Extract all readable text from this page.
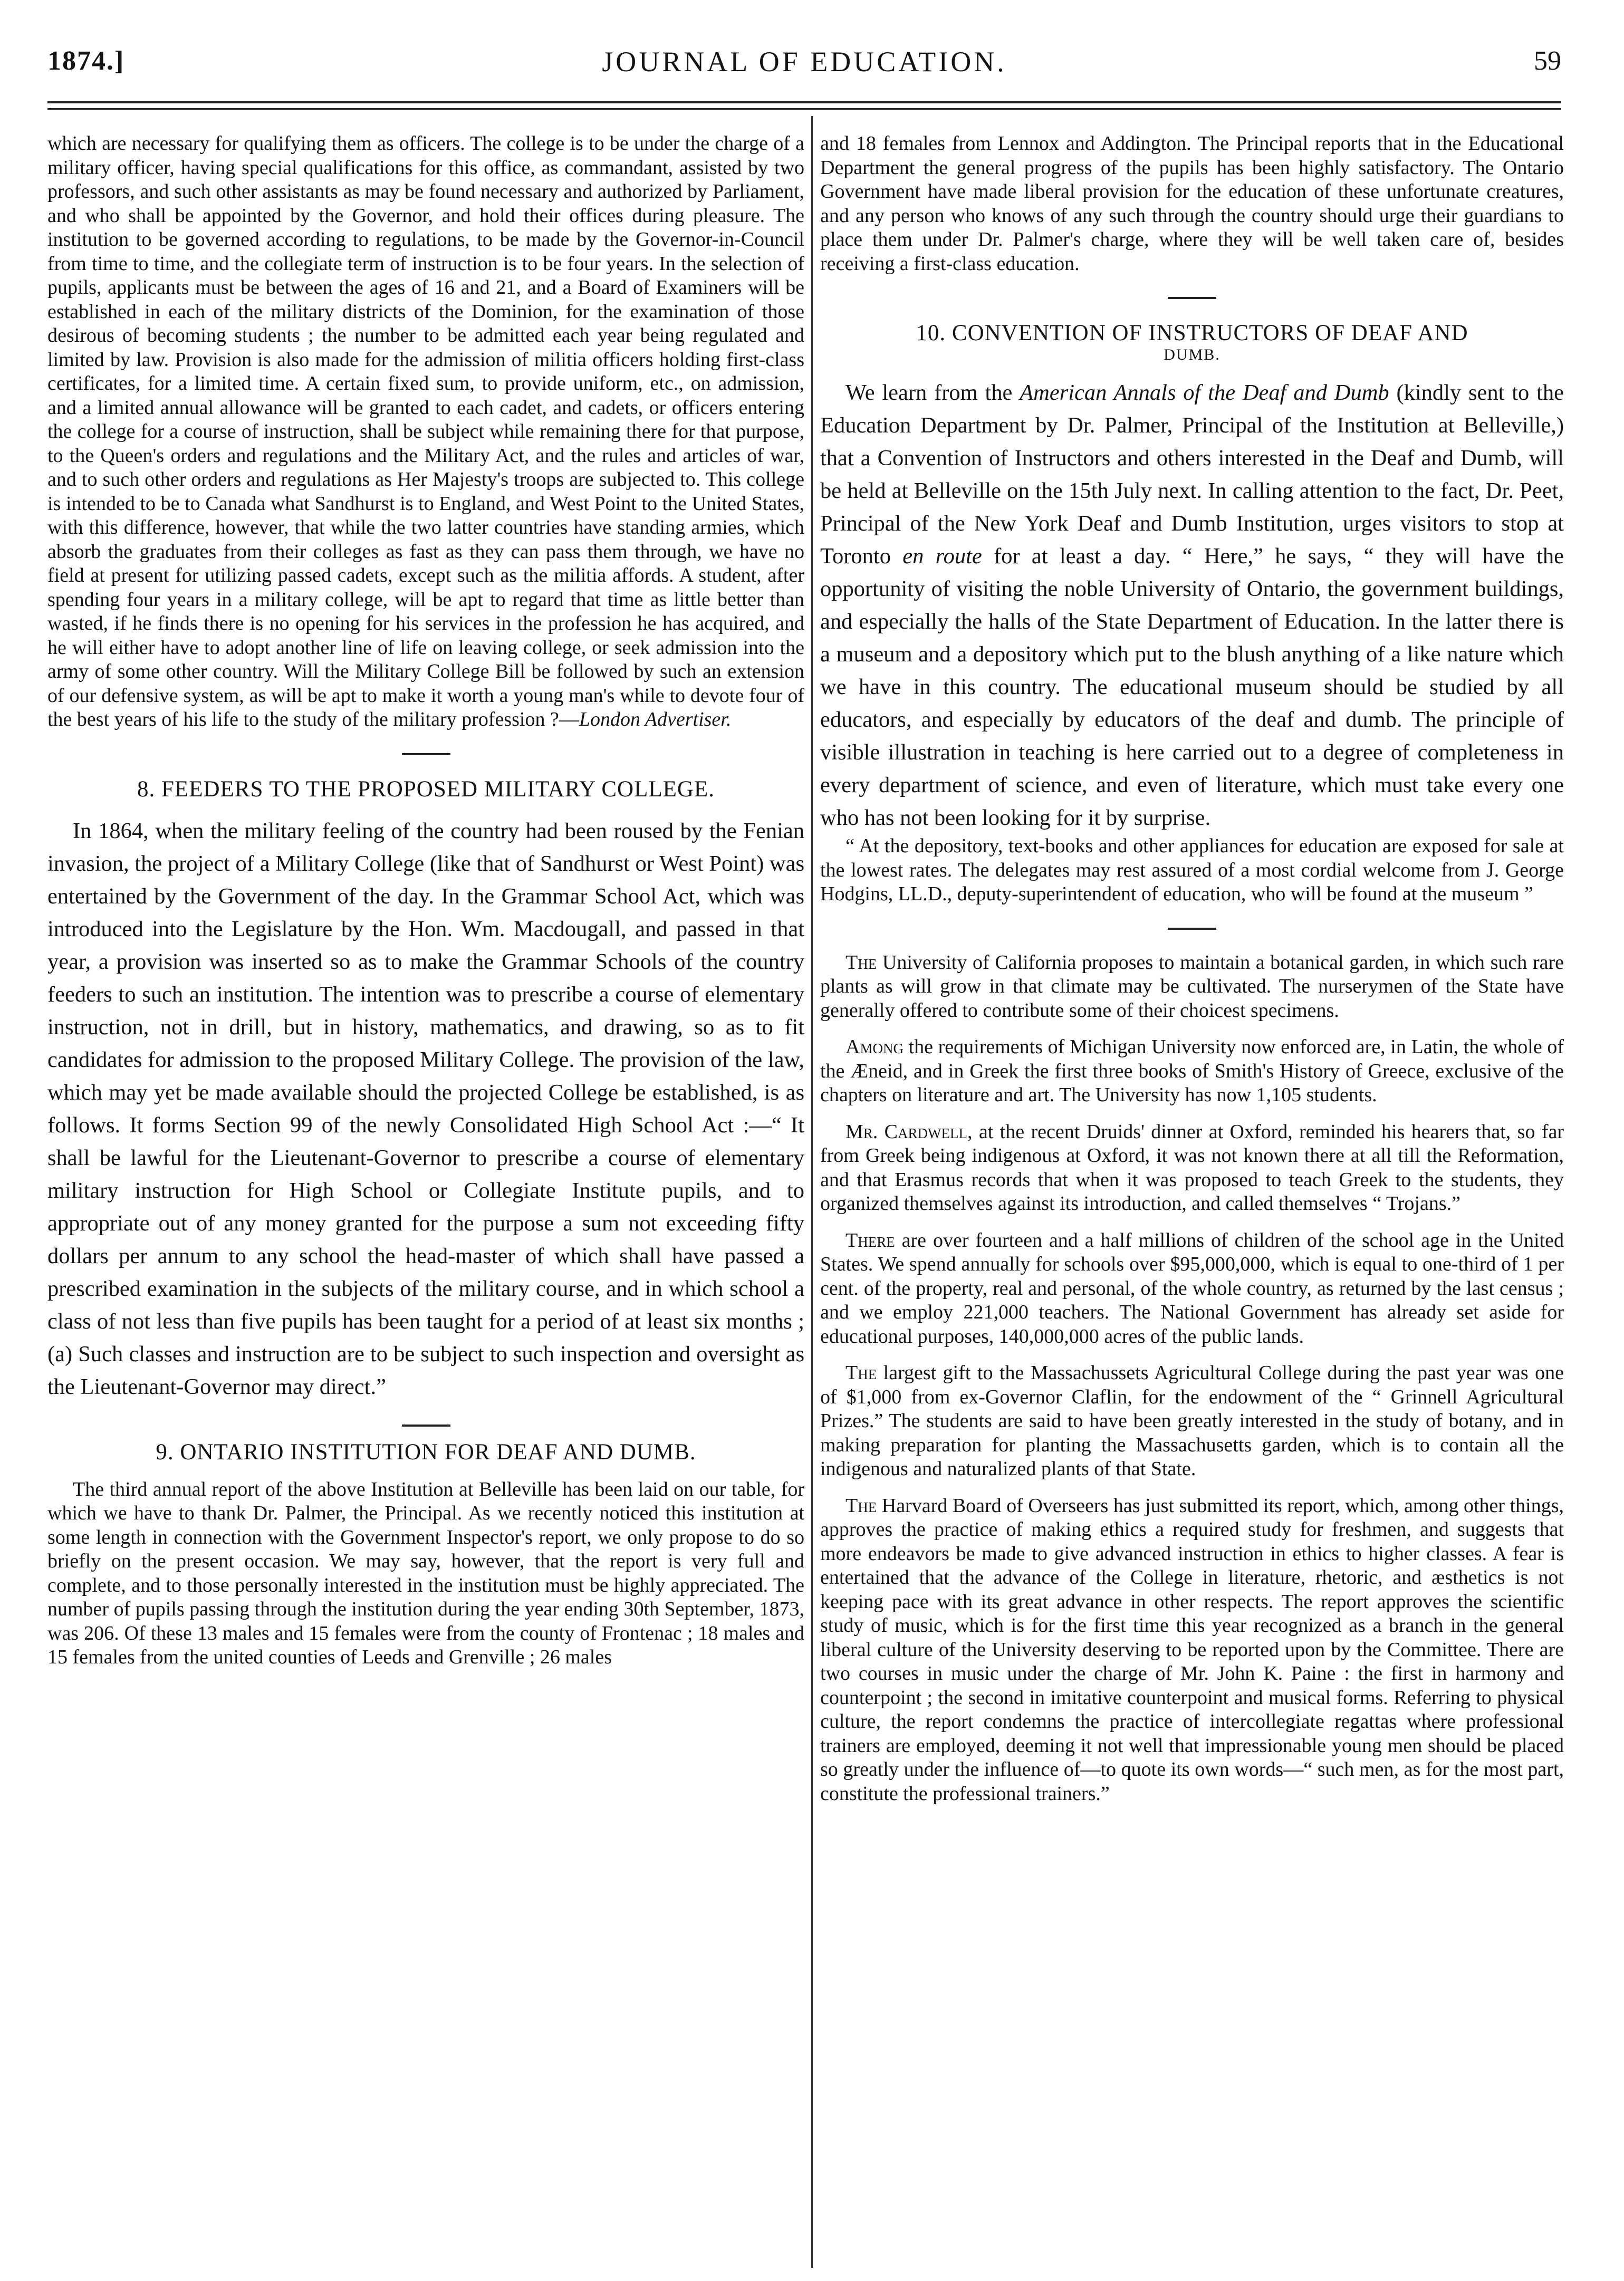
1874.]	JOURNAL OF EDUCATION.	59

which are necessary for qualifying them as officers. The college is to be under the charge of a military officer, having special qualifications for this office, as commandant, assisted by two professors, and such other assistants as may be found necessary and authorized by Parliament, and who shall be appointed by the Governor, and hold their offices during pleasure. The institution to be governed according to regulations, to be made by the Governor-in-Council from time to time, and the collegiate term of instruction is to be four years. In the selection of pupils, applicants must be between the ages of 16 and 21, and a Board of Examiners will be established in each of the military districts of the Dominion, for the examination of those desirous of becoming students ; the number to be admitted each year being regulated and limited by law. Provision is also made for the admission of militia officers holding first-class certificates, for a limited time. A certain fixed sum, to provide uniform, etc., on admission, and a limited annual allowance will be granted to each cadet, and cadets, or officers entering the college for a course of instruction, shall be subject while remaining there for that purpose, to the Queen's orders and regulations and the Military Act, and the rules and articles of war, and to such other orders and regulations as Her Majesty's troops are subjected to. This college is intended to be to Canada what Sandhurst is to England, and West Point to the United States, with this difference, however, that while the two latter countries have standing armies, which absorb the graduates from their colleges as fast as they can pass them through, we have no field at present for utilizing passed cadets, except such as the militia affords. A student, after spending four years in a military college, will be apt to regard that time as little better than wasted, if he finds there is no opening for his services in the profession he has acquired, and he will either have to adopt another line of life on leaving college, or seek admission into the army of some other country. Will the Military College Bill be followed by such an extension of our defensive system, as will be apt to make it worth a young man's while to devote four of the best years of his life to the study of the military profession ?—London Advertiser.

8. FEEDERS TO THE PROPOSED MILITARY COLLEGE.

In 1864, when the military feeling of the country had been roused by the Fenian invasion, the project of a Military College (like that of Sandhurst or West Point) was entertained by the Government of the day. In the Grammar School Act, which was introduced into the Legislature by the Hon. Wm. Macdougall, and passed in that year, a provision was inserted so as to make the Grammar Schools of the country feeders to such an institution. The intention was to prescribe a course of elementary instruction, not in drill, but in history, mathematics, and drawing, so as to fit candidates for admission to the proposed Military College. The provision of the law, which may yet be made available should the projected College be established, is as follows. It forms Section 99 of the newly Consolidated High School Act :—“ It shall be lawful for the Lieutenant-Governor to prescribe a course of elementary military instruction for High School or Collegiate Institute pupils, and to appropriate out of any money granted for the purpose a sum not exceeding fifty dollars per annum to any school the head-master of which shall have passed a prescribed examination in the subjects of the military course, and in which school a class of not less than five pupils has been taught for a period of at least six months ; (a) Such classes and instruction are to be subject to such inspection and oversight as the Lieutenant-Governor may direct.”

9. ONTARIO INSTITUTION FOR DEAF AND DUMB.

The third annual report of the above Institution at Belleville has been laid on our table, for which we have to thank Dr. Palmer, the Principal. As we recently noticed this institution at some length in connection with the Government Inspector's report, we only propose to do so briefly on the present occasion. We may say, however, that the report is very full and complete, and to those personally interested in the institution must be highly appreciated. The number of pupils passing through the institution during the year ending 30th September, 1873, was 206. Of these 13 males and 15 females were from the county of Frontenac ; 18 males and 15 females from the united counties of Leeds and Grenville ; 26 males

and 18 females from Lennox and Addington. The Principal reports that in the Educational Department the general progress of the pupils has been highly satisfactory. The Ontario Government have made liberal provision for the education of these unfortunate creatures, and any person who knows of any such through the country should urge their guardians to place them under Dr. Palmer's charge, where they will be well taken care of, besides receiving a first-class education.

10. CONVENTION OF INSTRUCTORS OF DEAF AND
DUMB.

We learn from the American Annals of the Deaf and Dumb (kindly sent to the Education Department by Dr. Palmer, Principal of the Institution at Belleville,) that a Convention of Instructors and others interested in the Deaf and Dumb, will be held at Belleville on the 15th July next. In calling attention to the fact, Dr. Peet, Principal of the New York Deaf and Dumb Institution, urges visitors to stop at Toronto en route for at least a day. “ Here,” he says, “ they will have the opportunity of visiting the noble University of Ontario, the government buildings, and especially the halls of the State Department of Education. In the latter there is a museum and a depository which put to the blush anything of a like nature which we have in this country. The educational museum should be studied by all educators, and especially by educators of the deaf and dumb. The principle of visible illustration in teaching is here carried out to a degree of completeness in every department of science, and even of literature, which must take every one who has not been looking for it by surprise.

“ At the depository, text-books and other appliances for education are exposed for sale at the lowest rates. The delegates may rest assured of a most cordial welcome from J. George Hodgins, LL.D., deputy-superintendent of education, who will be found at the museum ”

The University of California proposes to maintain a botanical garden, in which such rare plants as will grow in that climate may be cultivated. The nurserymen of the State have generally offered to contribute some of their choicest specimens.

Among the requirements of Michigan University now enforced are, in Latin, the whole of the Æneid, and in Greek the first three books of Smith's History of Greece, exclusive of the chapters on literature and art. The University has now 1,105 students.

Mr. Cardwell, at the recent Druids' dinner at Oxford, reminded his hearers that, so far from Greek being indigenous at Oxford, it was not known there at all till the Reformation, and that Erasmus records that when it was proposed to teach Greek to the students, they organized themselves against its introduction, and called themselves “ Trojans.”

There are over fourteen and a half millions of children of the school age in the United States. We spend annually for schools over $95,000,000, which is equal to one-third of 1 per cent. of the property, real and personal, of the whole country, as returned by the last census ; and we employ 221,000 teachers. The National Government has already set aside for educational purposes, 140,000,000 acres of the public lands.

The largest gift to the Massachussets Agricultural College during the past year was one of $1,000 from ex-Governor Claflin, for the endowment of the “ Grinnell Agricultural Prizes.” The students are said to have been greatly interested in the study of botany, and in making preparation for planting the Massachusetts garden, which is to contain all the indigenous and naturalized plants of that State.

The Harvard Board of Overseers has just submitted its report, which, among other things, approves the practice of making ethics a required study for freshmen, and suggests that more endeavors be made to give advanced instruction in ethics to higher classes. A fear is entertained that the advance of the College in literature, rhetoric, and æsthetics is not keeping pace with its great advance in other respects. The report approves the scientific study of music, which is for the first time this year recognized as a branch in the general liberal culture of the University deserving to be reported upon by the Committee. There are two courses in music under the charge of Mr. John K. Paine : the first in harmony and counterpoint ; the second in imitative counterpoint and musical forms. Referring to physical culture, the report condemns the practice of intercollegiate regattas where professional trainers are employed, deeming it not well that impressionable young men should be placed so greatly under the influence of—to quote its own words—“ such men, as for the most part, constitute the professional trainers.”
